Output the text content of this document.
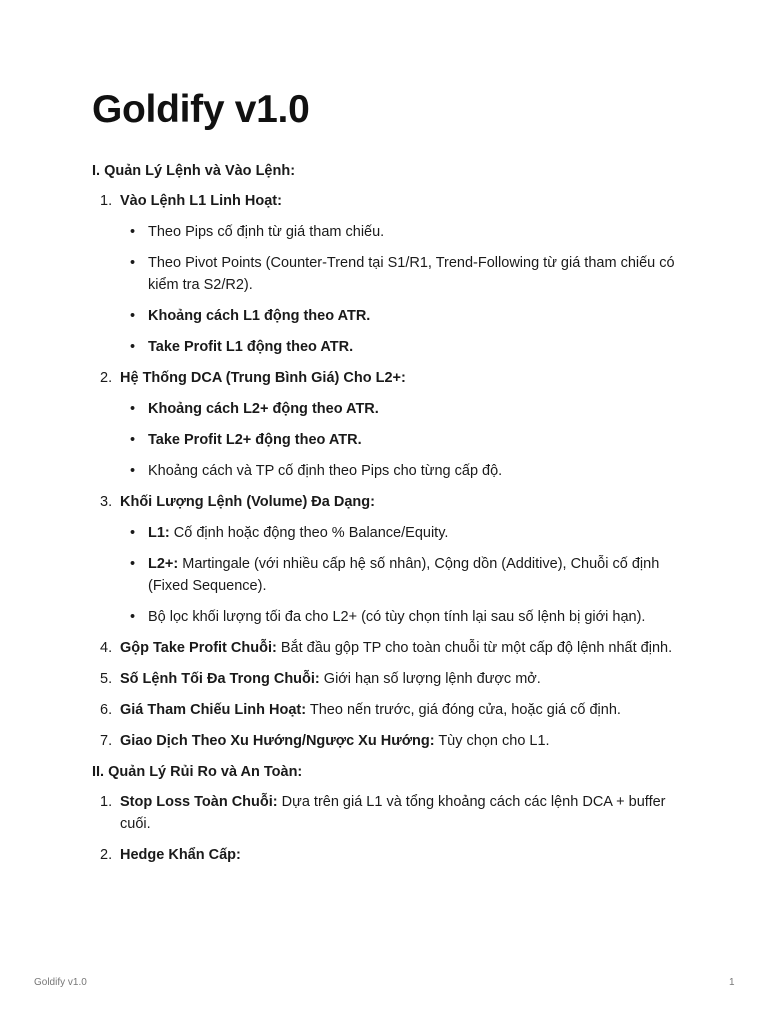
Goldify v1.0
I. Quản Lý Lệnh và Vào Lệnh:
1. Vào Lệnh L1 Linh Hoạt:
• Theo Pips cố định từ giá tham chiếu.
• Theo Pivot Points (Counter-Trend tại S1/R1, Trend-Following từ giá tham chiếu có kiểm tra S2/R2).
• Khoảng cách L1 động theo ATR.
• Take Profit L1 động theo ATR.
2. Hệ Thống DCA (Trung Bình Giá) Cho L2+:
• Khoảng cách L2+ động theo ATR.
• Take Profit L2+ động theo ATR.
• Khoảng cách và TP cố định theo Pips cho từng cấp độ.
3. Khối Lượng Lệnh (Volume) Đa Dạng:
• L1: Cố định hoặc động theo % Balance/Equity.
• L2+: Martingale (với nhiều cấp hệ số nhân), Cộng dồn (Additive), Chuỗi cố định (Fixed Sequence).
• Bộ lọc khối lượng tối đa cho L2+ (có tùy chọn tính lại sau số lệnh bị giới hạn).
4. Gộp Take Profit Chuỗi: Bắt đầu gộp TP cho toàn chuỗi từ một cấp độ lệnh nhất định.
5. Số Lệnh Tối Đa Trong Chuỗi: Giới hạn số lượng lệnh được mở.
6. Giá Tham Chiếu Linh Hoạt: Theo nến trước, giá đóng cửa, hoặc giá cố định.
7. Giao Dịch Theo Xu Hướng/Ngược Xu Hướng: Tùy chọn cho L1.
II. Quản Lý Rủi Ro và An Toàn:
1. Stop Loss Toàn Chuỗi: Dựa trên giá L1 và tổng khoảng cách các lệnh DCA + buffer cuối.
2. Hedge Khẩn Cấp:
Goldify v1.0	1
